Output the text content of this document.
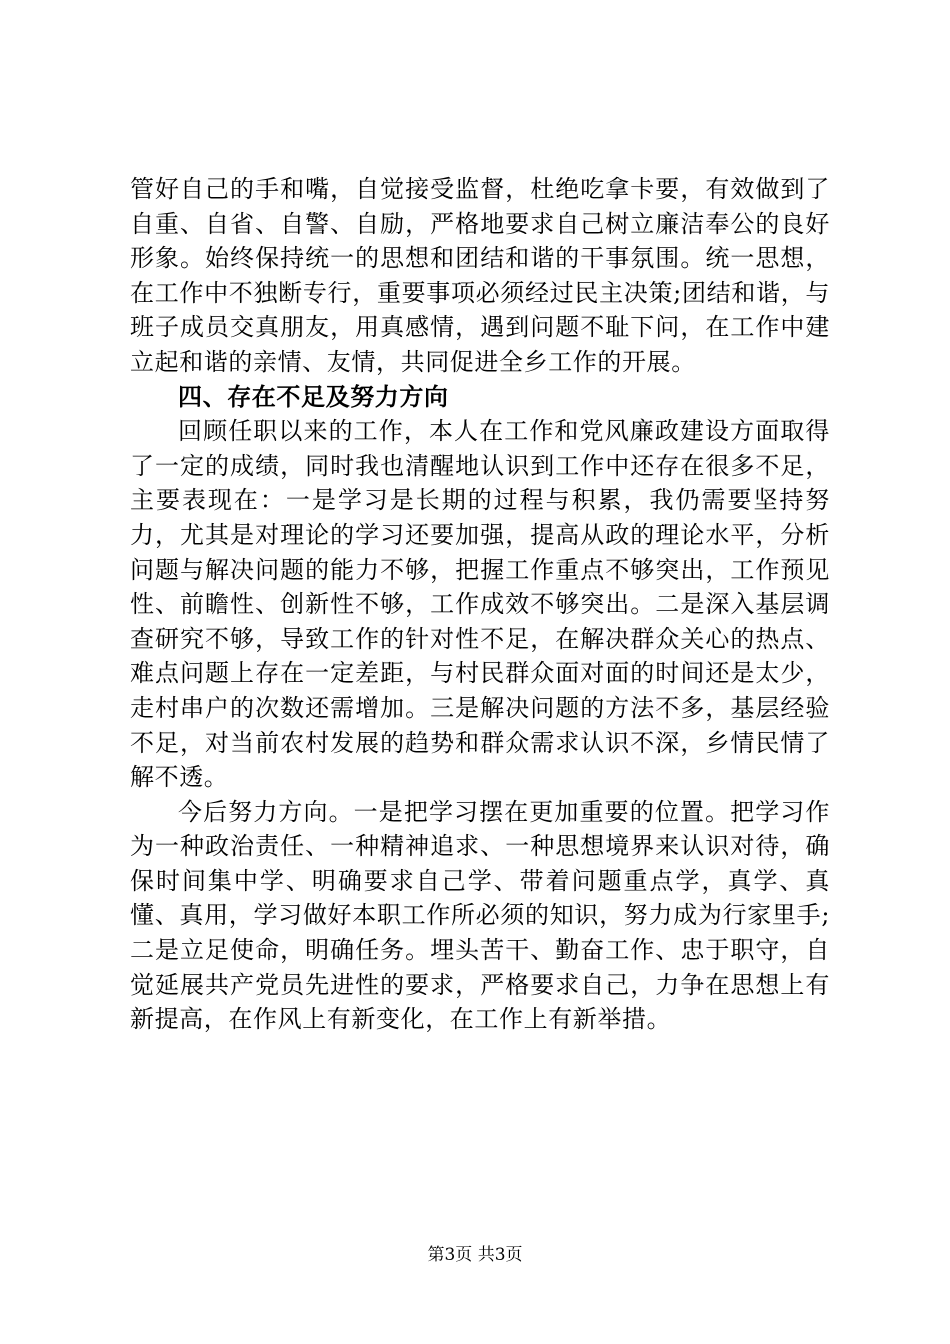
管好自己的手和嘴，自觉接受监督，杜绝吃拿卡要，有效做到了自重、自省、自警、自励，严格地要求自己树立廉洁奉公的良好形象。始终保持统一的思想和团结和谐的干事氛围。统一思想，在工作中不独断专行，重要事项必须经过民主决策;团结和谐，与班子成员交真朋友，用真感情，遇到问题不耻下问，在工作中建立起和谐的亲情、友情，共同促进全乡工作的开展。

四、存在不足及努力方向

回顾任职以来的工作，本人在工作和党风廉政建设方面取得了一定的成绩，同时我也清醒地认识到工作中还存在很多不足，主要表现在：一是学习是长期的过程与积累，我仍需要坚持努力，尤其是对理论的学习还要加强，提高从政的理论水平，分析问题与解决问题的能力不够，把握工作重点不够突出，工作预见性、前瞻性、创新性不够，工作成效不够突出。二是深入基层调查研究不够，导致工作的针对性不足，在解决群众关心的热点、难点问题上存在一定差距，与村民群众面对面的时间还是太少，走村串户的次数还需增加。三是解决问题的方法不多，基层经验不足，对当前农村发展的趋势和群众需求认识不深，乡情民情了解不透。

今后努力方向。一是把学习摆在更加重要的位置。把学习作为一种政治责任、一种精神追求、一种思想境界来认识对待，确保时间集中学、明确要求自己学、带着问题重点学，真学、真懂、真用，学习做好本职工作所必须的知识，努力成为行家里手;二是立足使命，明确任务。埋头苦干、勤奋工作、忠于职守，自觉延展共产党员先进性的要求，严格要求自己，力争在思想上有新提高，在作风上有新变化，在工作上有新举措。

第3页 共3页
